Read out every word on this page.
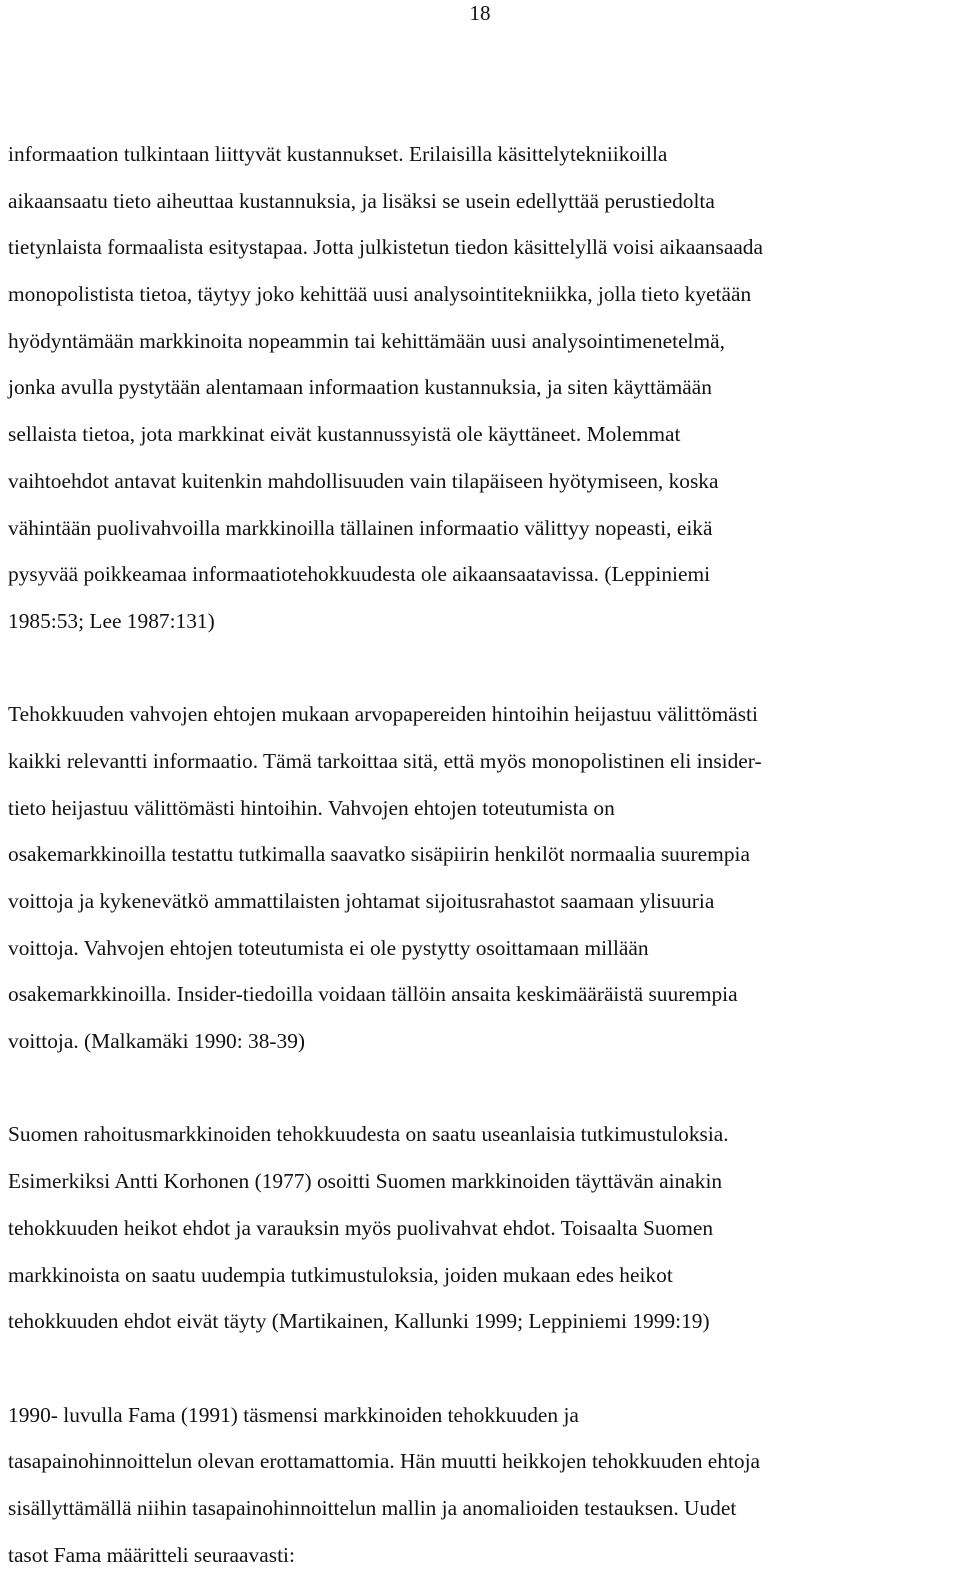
18
informaation tulkintaan liittyvät kustannukset. Erilaisilla käsittelytekniikoilla
aikaansaatu tieto aiheuttaa kustannuksia, ja lisäksi se usein edellyttää perustiedolta
tietynlaista formaalista esitystapaa. Jotta julkistetun tiedon käsittelyllä voisi aikaansaada
monopolistista tietoa, täytyy joko kehittää uusi analysointitekniikka, jolla tieto kyetään
hyödyntämään markkinoita nopeammin tai kehittämään uusi analysointimenetelmä,
jonka avulla pystytään alentamaan informaation kustannuksia, ja siten käyttämään
sellaista tietoa, jota markkinat eivät kustannussyistä ole käyttäneet. Molemmat
vaihtoehdot antavat kuitenkin mahdollisuuden vain tilapäiseen hyötymiseen, koska
vähintään puolivahvoilla markkinoilla tällainen informaatio välittyy nopeasti, eikä
pysyvää poikkeamaa informaatiotehokkuudesta ole aikaansaatavissa. (Leppiniemi
1985:53; Lee 1987:131)
Tehokkuuden vahvojen ehtojen mukaan arvopapereiden hintoihin heijastuu välittömästi
kaikki relevantti informaatio. Tämä tarkoittaa sitä, että myös monopolistinen eli insider-
tieto heijastuu välittömästi hintoihin. Vahvojen ehtojen toteutumista on
osakemarkkinoilla testattu tutkimalla saavatko sisäpiirin henkilöt normaalia suurempia
voittoja ja kykenevätkö ammattilaisten johtamat sijoitusrahastot saamaan ylisuuria
voittoja. Vahvojen ehtojen toteutumista ei ole pystytty osoittamaan millään
osakemarkkinoilla. Insider-tiedoilla voidaan tällöin ansaita keskimääräistä suurempia
voittoja. (Malkamäki 1990: 38-39)
Suomen rahoitusmarkkinoiden tehokkuudesta on saatu useanlaisia tutkimustuloksia.
Esimerkiksi Antti Korhonen (1977) osoitti Suomen markkinoiden täyttävän ainakin
tehokkuuden heikot ehdot ja varauksin myös puolivahvat ehdot. Toisaalta Suomen
markkinoista on saatu uudempia tutkimustuloksia, joiden mukaan edes heikot
tehokkuuden ehdot eivät täyty (Martikainen, Kallunki 1999; Leppiniemi 1999:19)
1990- luvulla Fama (1991) täsmensi markkinoiden tehokkuuden ja
tasapainohinnoittelun olevan erottamattomia. Hän muutti heikkojen tehokkuuden ehtoja
sisällyttämällä niihin tasapainohinnoittelun mallin ja anomalioiden testauksen. Uudet
tasot Fama määritteli seuraavasti:
